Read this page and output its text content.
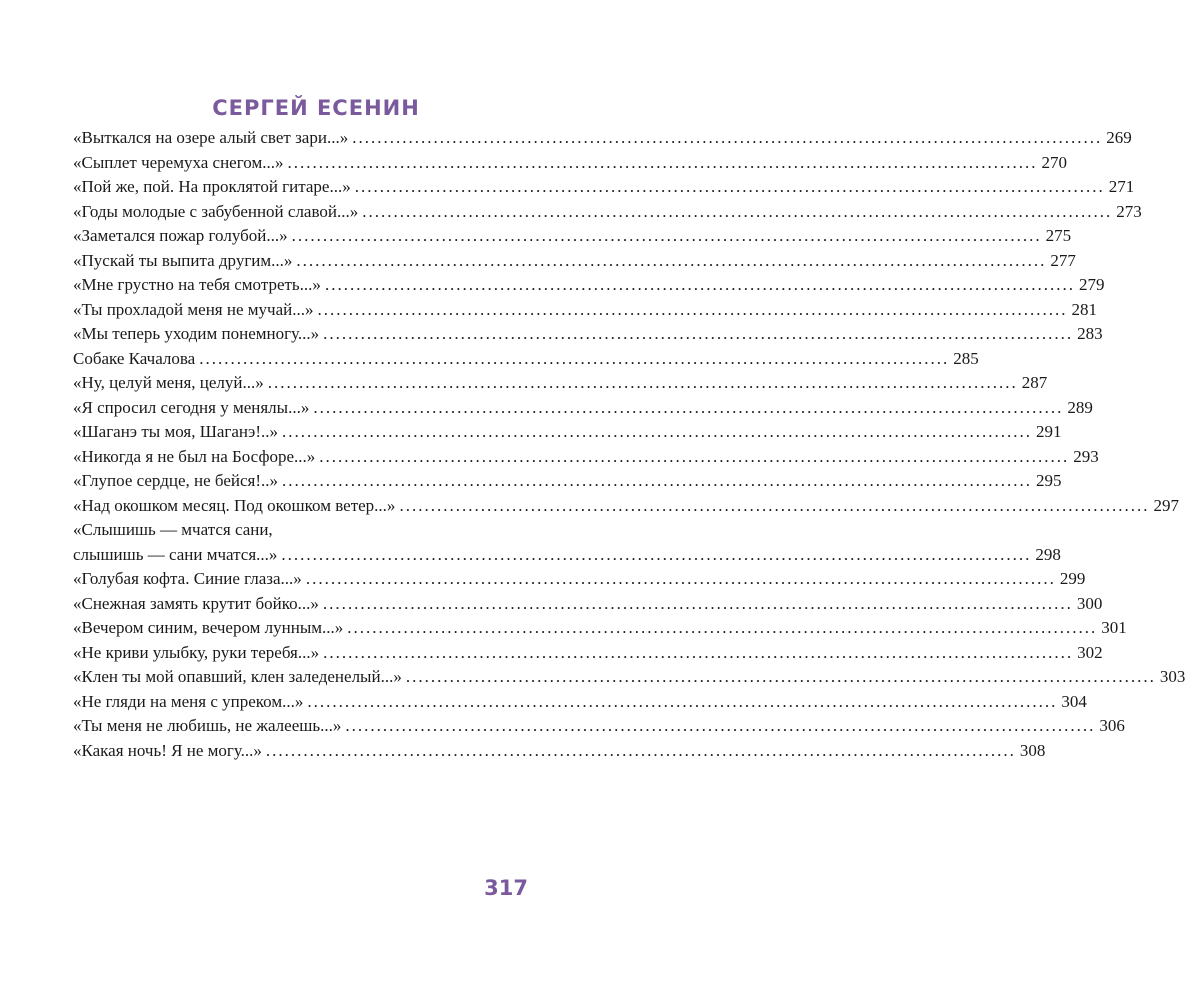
СЕРГЕЙ ЕСЕНИН
«Выткался на озере алый свет зари...» ........................................................................................................................ 269
«Сыплет черемуха снегом...» ........................................................................................................................ 270
«Пой же, пой. На проклятой гитаре...» ........................................................................................................................ 271
«Годы молодые с забубенной славой...» ........................................................................................................................ 273
«Заметался пожар голубой...» ........................................................................................................................ 275
«Пускай ты выпита другим...» ........................................................................................................................ 277
«Мне грустно на тебя смотреть...» ........................................................................................................................ 279
«Ты прохладой меня не мучай...» ........................................................................................................................ 281
«Мы теперь уходим понемногу...» ........................................................................................................................ 283
Собаке Качалова ........................................................................................................................ 285
«Ну, целуй меня, целуй...» ........................................................................................................................ 287
«Я спросил сегодня у менялы...» ........................................................................................................................ 289
«Шаганэ ты моя, Шаганэ!..» ........................................................................................................................ 291
«Никогда я не был на Босфоре...» ........................................................................................................................ 293
«Глупое сердце, не бейся!..» ........................................................................................................................ 295
«Над окошком месяц. Под окошком ветер...» ........................................................................................................................ 297
«Слышишь — мчатся сани,
слышишь — сани мчатся...» ........................................................................................................................ 298
«Голубая кофта. Синие глаза...» ........................................................................................................................ 299
«Снежная замять крутит бойко...» ........................................................................................................................ 300
«Вечером синим, вечером лунным...» ........................................................................................................................ 301
«Не криви улыбку, руки теребя...» ........................................................................................................................ 302
«Клен ты мой опавший, клен заледенелый...» ........................................................................................................................ 303
«Не гляди на меня с упреком...» ........................................................................................................................ 304
«Ты меня не любишь, не жалеешь...» ........................................................................................................................ 306
«Какая ночь! Я не могу...» ........................................................................................................................ 308
317
